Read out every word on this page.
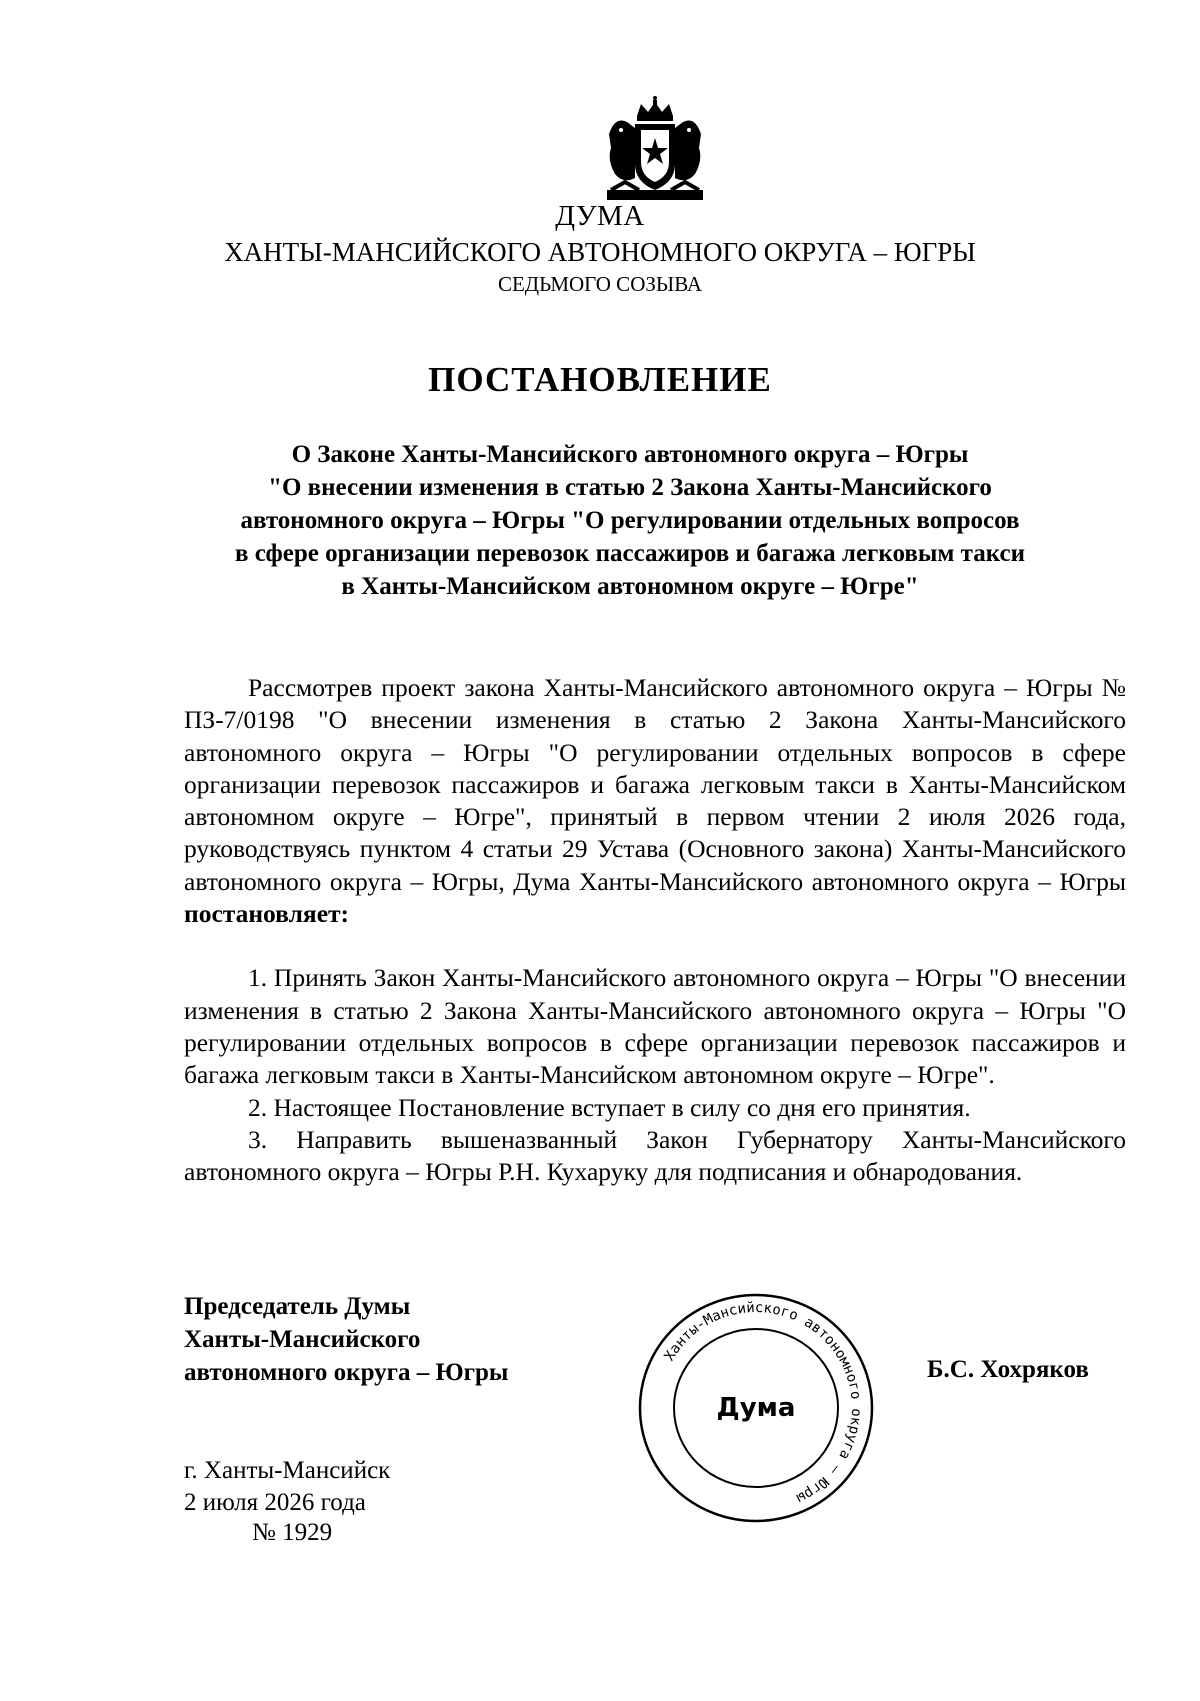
ДУМА
ХАНТЫ-МАНСИЙСКОГО АВТОНОМНОГО ОКРУГА – ЮГРЫ
СЕДЬМОГО СОЗЫВА
ПОСТАНОВЛЕНИЕ
О Законе Ханты-Мансийского автономного округа – Югры
"О внесении изменения в статью 2 Закона Ханты-Мансийского
автономного округа – Югры "О регулировании отдельных вопросов
в сфере организации перевозок пассажиров и багажа легковым такси
в Ханты-Мансийском автономном округе – Югре"

Рассмотрев проект закона Ханты-Мансийского автономного округа – Югры № ПЗ-7/0198 "О внесении изменения в статью 2 Закона Ханты-Мансийского автономного округа – Югры "О регулировании отдельных вопросов в сфере организации перевозок пассажиров и багажа легковым такси в Ханты-Мансийском автономном округе – Югре", принятый в первом чтении 2 июля 2026 года, руководствуясь пунктом 4 статьи 29 Устава (Основного закона) Ханты-Мансийского автономного округа – Югры, Дума Ханты-Мансийского автономного округа – Югры постановляет:

1. Принять Закон Ханты-Мансийского автономного округа – Югры "О внесении изменения в статью 2 Закона Ханты-Мансийского автономного округа – Югры "О регулировании отдельных вопросов в сфере организации перевозок пассажиров и багажа легковым такси в Ханты-Мансийском автономном округе – Югре".

2. Настоящее Постановление вступает в силу со дня его принятия.

3. Направить вышеназванный Закон Губернатору Ханты-Мансийского автономного округа – Югры Р.Н. Кухаруку для подписания и обнародования.

Председатель Думы
Ханты-Мансийского
автономного округа – Югры
Ханты-Мансийского автономного округа – Югры
Дума
Б.С. Хохряков
г. Ханты-Мансийск
2 июля 2026 года
№ 1929
